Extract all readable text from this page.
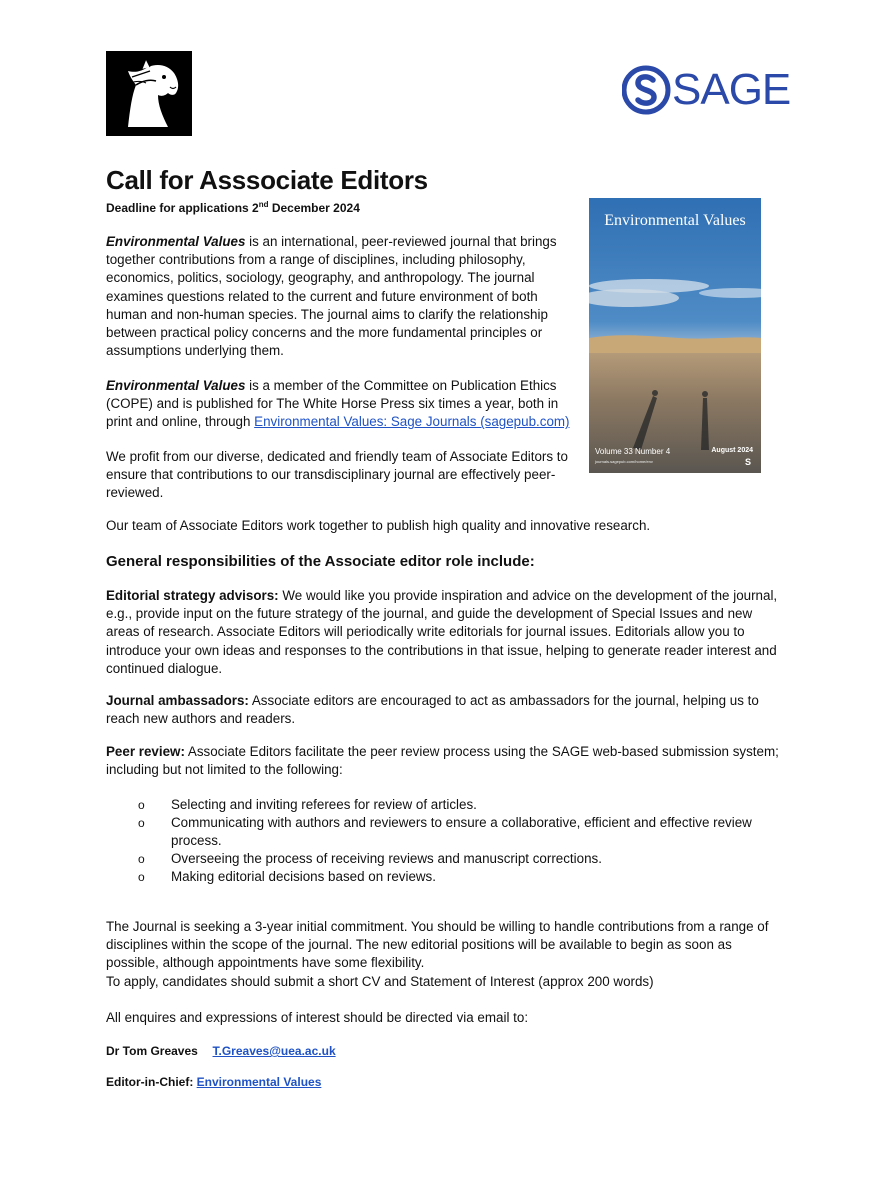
SAGE
Call for Asssociate Editors
Deadline for applications 2nd December 2024

Environmental Values is an international, peer-reviewed journal that brings together contributions from a range of disciplines, including philosophy, economics, politics, sociology, geography, and anthropology. The journal examines questions related to the current and future environment of both human and non-human species. The journal aims to clarify the relationship between practical policy concerns and the more fundamental principles or assumptions underlying them.

Environmental Values is a member of the Committee on Publication Ethics (COPE) and is published for The White Horse Press six times a year, both in print and online, through Environmental Values: Sage Journals (sagepub.com)

We profit from our diverse, dedicated and friendly team of Associate Editors to ensure that contributions to our transdisciplinary journal are effectively peer-reviewed.

Our team of Associate Editors work together to publish high quality and innovative research.

General responsibilities of the Associate editor role include:

Editorial strategy advisors: We would like you provide inspiration and advice on the development of the journal, e.g., provide input on the future strategy of the journal, and guide the development of Special Issues and new areas of research. Associate Editors will periodically write editorials for journal issues. Editorials allow you to introduce your own ideas and responses to the contributions in that issue, helping to generate reader interest and continued dialogue.

Journal ambassadors: Associate editors are encouraged to act as ambassadors for the journal, helping us to reach new authors and readers.

Peer review: Associate Editors facilitate the peer review process using the SAGE web-based submission system; including but not limited to the following:

o Selecting and inviting referees for review of articles.
o Communicating with authors and reviewers to ensure a collaborative, efficient and effective review process.
o Overseeing the process of receiving reviews and manuscript corrections.
o Making editorial decisions based on reviews.

The Journal is seeking a 3-year initial commitment. You should be willing to handle contributions from a range of disciplines within the scope of the journal. The new editorial positions will be available to begin as soon as possible, although appointments have some flexibility.
To apply, candidates should submit a short CV and Statement of Interest (approx 200 words)

All enquires and expressions of interest should be directed via email to:

Dr Tom Greaves T.Greaves@uea.ac.uk
Editor-in-Chief: Environmental Values
Environmental Values
Volume 33 Number 4	August 2024
journals.sagepub.com/home/env	S
